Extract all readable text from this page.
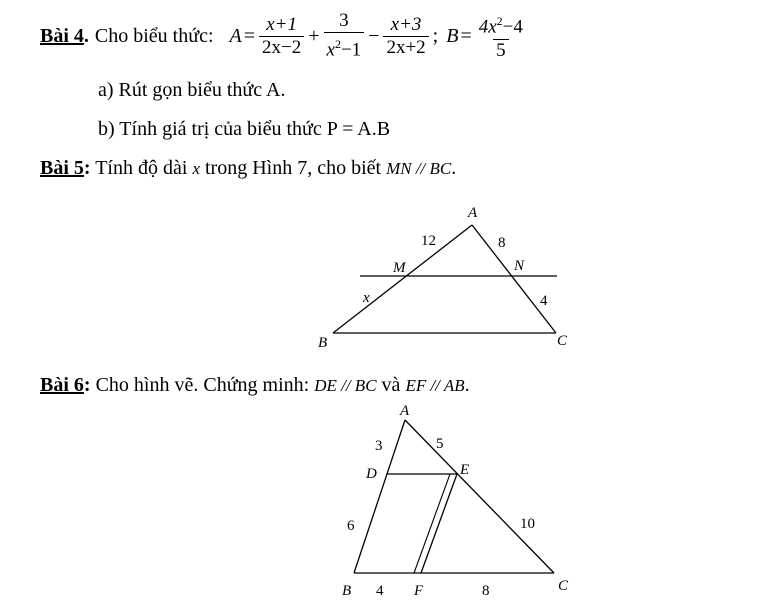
Bài 4 . Cho biểu thức: $A = \frac{x+1}{2x-2} + \frac{3}{x^2-1} - \frac{x+3}{2x+2}$ ; $B = \frac{4x^2-4}{5}$
a) Rút gọn biểu thức A.
b) Tính giá trị của biểu thức P = A.B
Bài 5: Tính độ dài x trong Hình 7, cho biết MN // BC.
A
B	C
M	N
x
12	8
4
Bài 6: Cho hình vẽ. Chứng minh: DE // BC và EF // AB.
A
B	C
D	E
F
3	5
6	10
4	8
